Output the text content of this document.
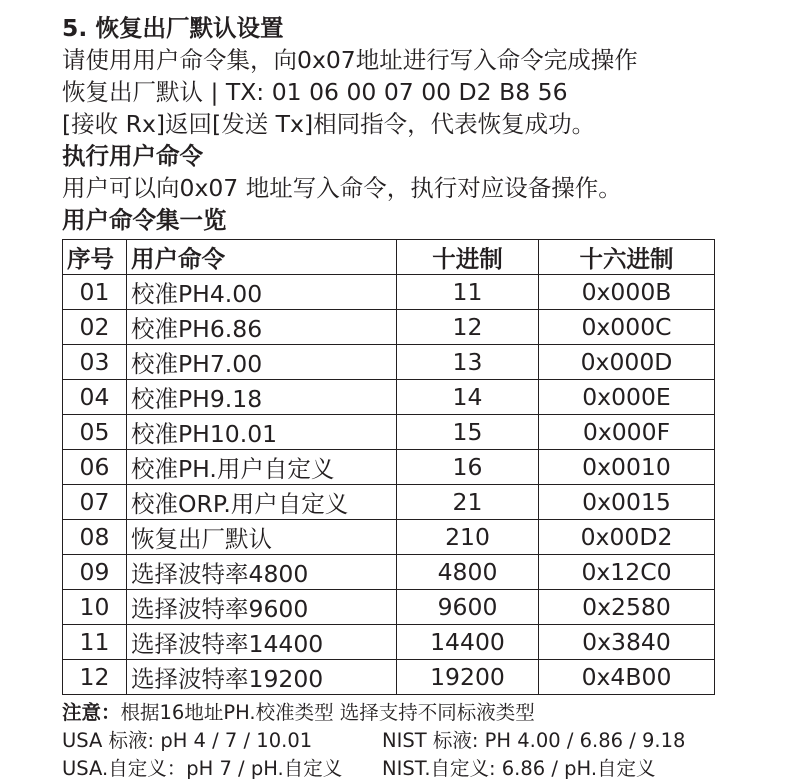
5. 恢复出厂默认设置
请使用用户命令集，向0x07地址进行写入命令完成操作
恢复出厂默认 | TX: 01 06 00 07 00 D2 B8 56
[接收 Rx]返回[发送 Tx]相同指令，代表恢复成功。
执行用户命令
用户可以向0x07 地址写入命令，执行对应设备操作。
用户命令集一览
序号	用户命令	十进制	十六进制
01	校准PH4.00	11	0x000B
02	校准PH6.86	12	0x000C
03	校准PH7.00	13	0x000D
04	校准PH9.18	14	0x000E
05	校准PH10.01	15	0x000F
06	校准PH.用户自定义	16	0x0010
07	校准ORP.用户自定义	21	0x0015
08	恢复出厂默认	210	0x00D2
09	选择波特率4800	4800	0x12C0
10	选择波特率9600	9600	0x2580
11	选择波特率14400	14400	0x3840
12	选择波特率19200	19200	0x4B00
注意：根据16地址PH.校准类型 选择支持不同标液类型
USA 标液: pH 4 / 7 / 10.01	NIST 标液: PH 4.00 / 6.86 / 9.18
USA.自定义：pH 7 / pH.自定义	NIST.自定义: 6.86 / pH.自定义
